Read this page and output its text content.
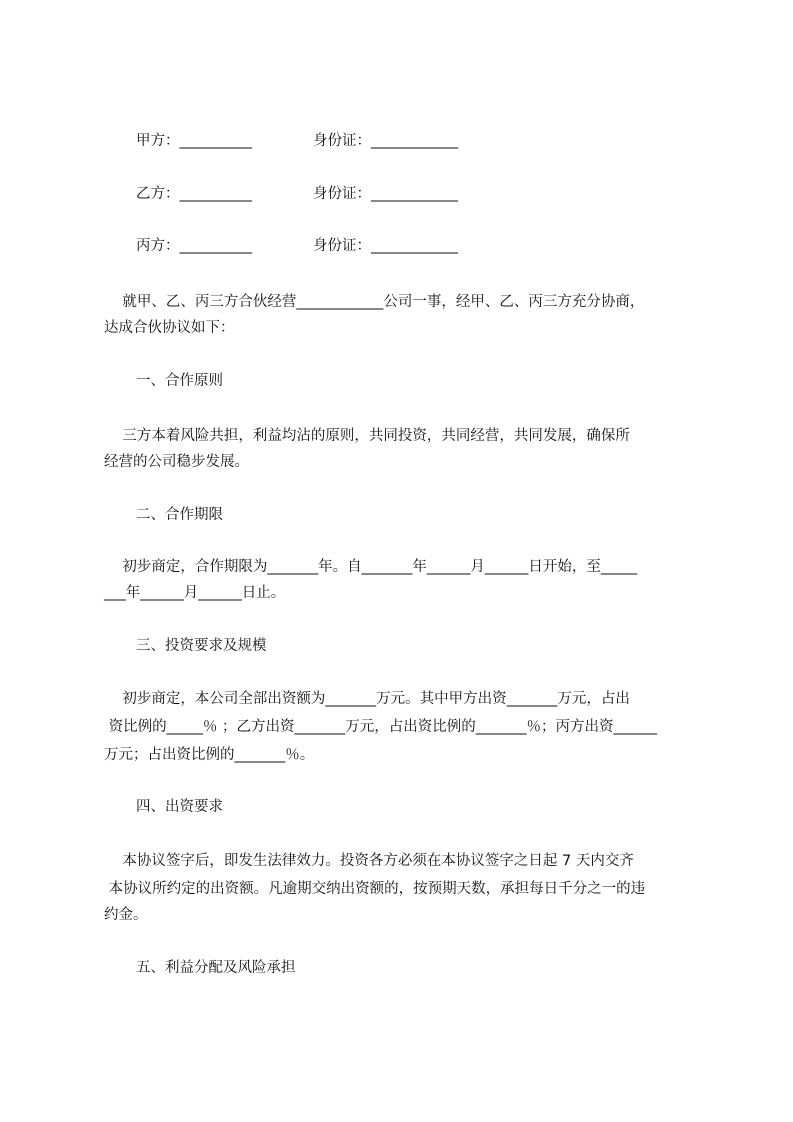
甲方：__________	身份证：____________

乙方：__________	身份证：____________

丙方：__________	身份证：____________

就甲、乙、丙三方合伙经营____________公司一事，经甲、乙、丙三方充分协商，

达成合伙协议如下：

一、合作原则

三方本着风险共担，利益均沾的原则，共同投资，共同经营，共同发展，确保所

经营的公司稳步发展。

二、合作期限

初步商定，合作期限为_______年。自_______年______月______日开始，至_____

___年______月______日止。

三、投资要求及规模

初步商定，本公司全部出资额为_______万元。其中甲方出资_______万元，占出

资比例的_____％ ；乙方出资_______万元，占出资比例的_______％；丙方出资______

万元；占出资比例的_______％。

四、出资要求

本协议签字后，即发生法律效力。投资各方必须在本协议签字之日起 7 天内交齐

本协议所约定的出资额。凡逾期交纳出资额的，按预期天数，承担每日千分之一的违

约金。

五、利益分配及风险承担
